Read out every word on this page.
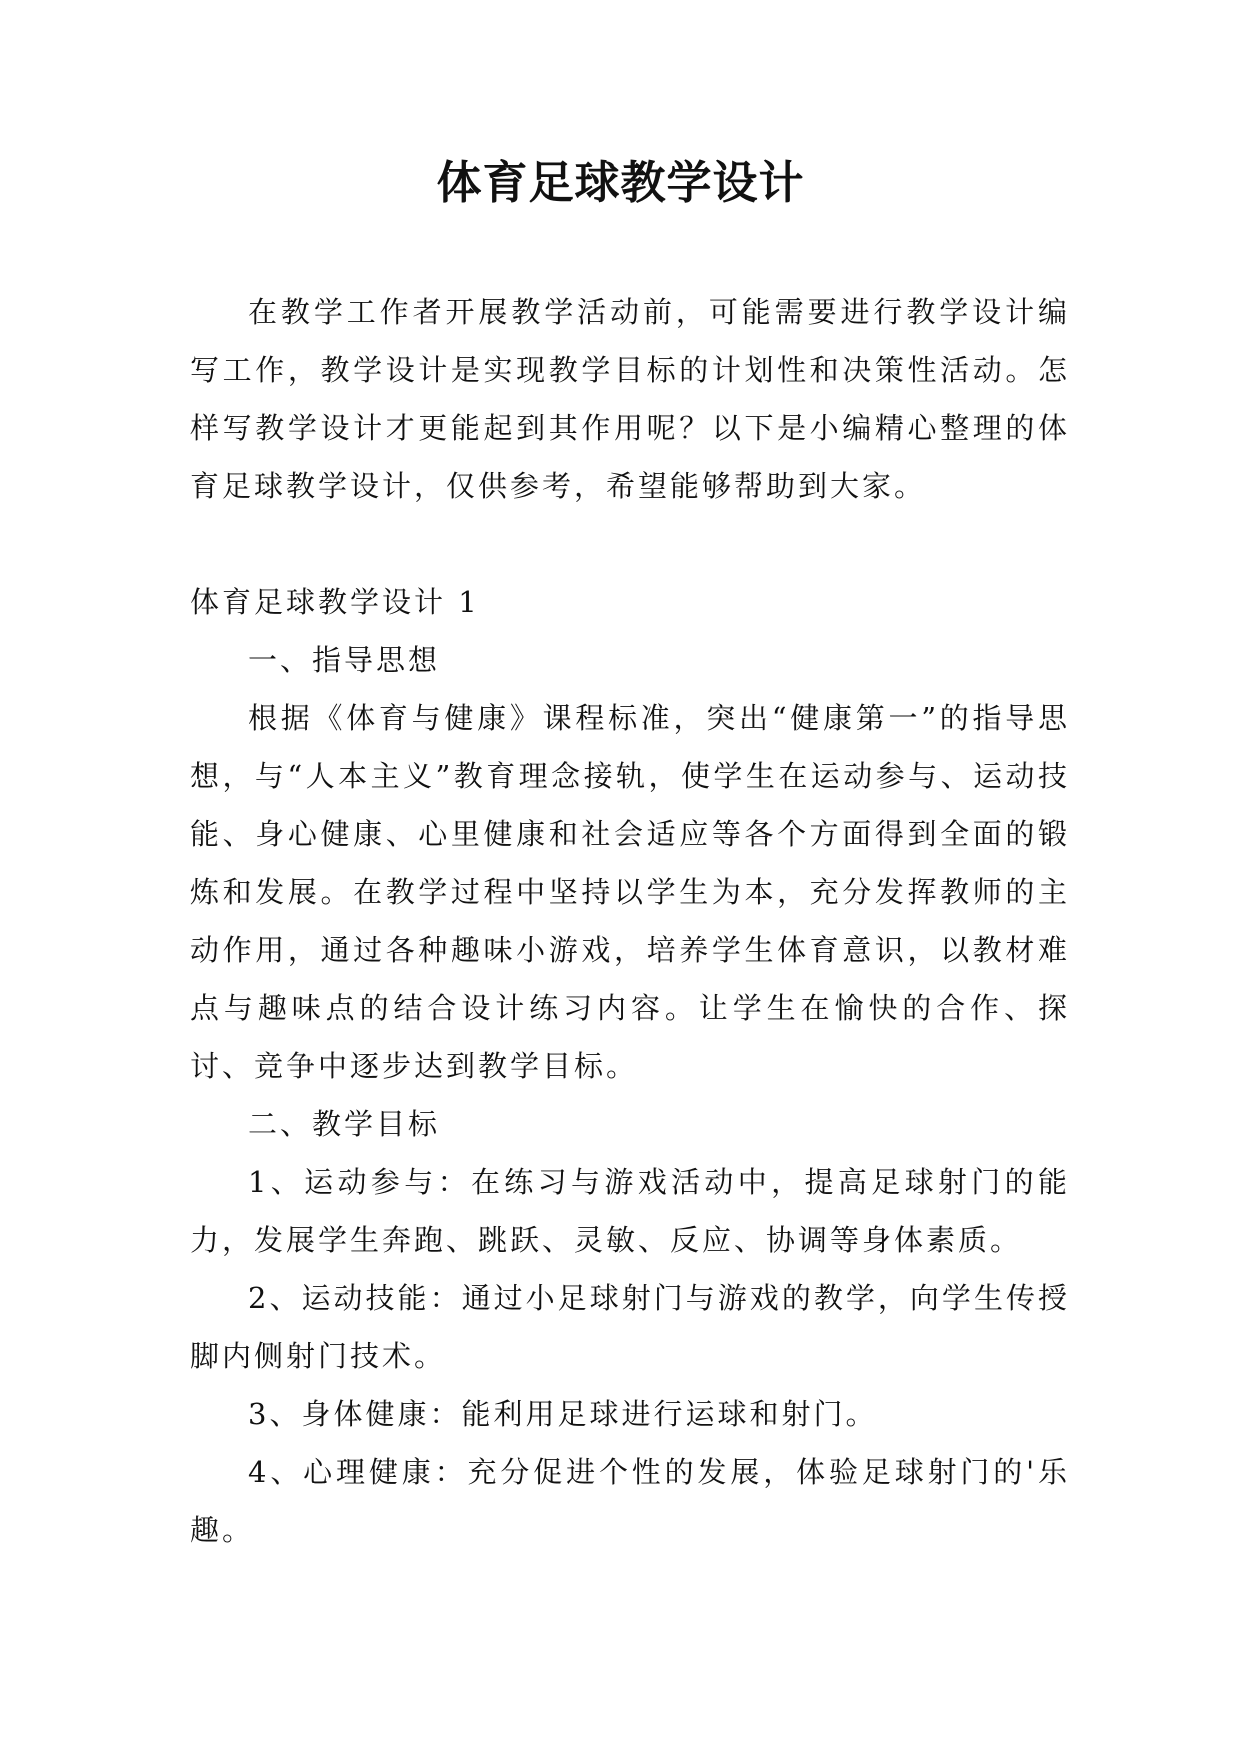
体育足球教学设计

在教学工作者开展教学活动前，可能需要进行教学设计编写工作，教学设计是实现教学目标的计划性和决策性活动。怎样写教学设计才更能起到其作用呢？以下是小编精心整理的体育足球教学设计，仅供参考，希望能够帮助到大家。

体育足球教学设计 1

一、指导思想

根据《体育与健康》课程标准，突出“健康第一”的指导思想，与“人本主义”教育理念接轨，使学生在运动参与、运动技能、身心健康、心里健康和社会适应等各个方面得到全面的锻炼和发展。在教学过程中坚持以学生为本，充分发挥教师的主动作用，通过各种趣味小游戏，培养学生体育意识，以教材难点与趣味点的结合设计练习内容。让学生在愉快的合作、探讨、竞争中逐步达到教学目标。

二、教学目标

1、运动参与：在练习与游戏活动中，提高足球射门的能力，发展学生奔跑、跳跃、灵敏、反应、协调等身体素质。

2、运动技能：通过小足球射门与游戏的教学，向学生传授脚内侧射门技术。

3、身体健康：能利用足球进行运球和射门。

4、心理健康：充分促进个性的发展，体验足球射门的'乐趣。
